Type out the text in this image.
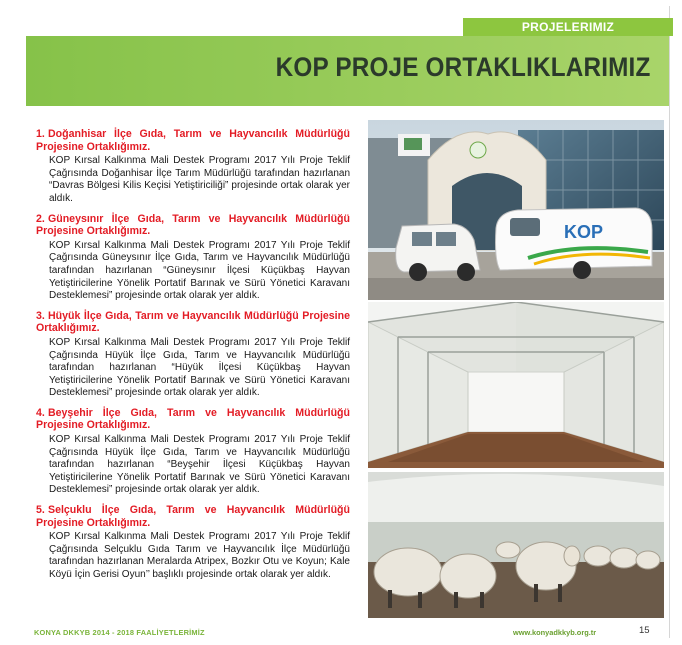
PROJELERIMIZ
KOP PROJE ORTAKLIKLARIMIZ
1. Doğanhisar İlçe Gıda, Tarım ve Hayvancılık Müdürlüğü Projesine Ortaklığımız.
KOP Kırsal Kalkınma Mali Destek Programı 2017 Yılı Proje Teklif Çağrısında Doğanhisar İlçe Tarım Müdürlüğü tarafından hazırlanan “Davras Bölgesi Kilis Keçisi Yetiştiriciliği” projesinde ortak olarak yer aldık.
2. Güneysınır İlçe Gıda, Tarım ve Hayvancılık Müdürlüğü Projesine Ortaklığımız.
KOP Kırsal Kalkınma Mali Destek Programı 2017 Yılı Proje Teklif Çağrısında Güneysınır İlçe Gıda, Tarım ve Hayvancılık Müdürlüğü tarafından hazırlanan “Güneysınır İlçesi Küçükbaş Hayvan Yetiştiricilerine Yönelik Portatif Barınak ve Sürü Yönetici Karavanı Desteklemesi” projesinde ortak olarak yer aldık.
3. Hüyük İlçe Gıda, Tarım ve Hayvancılık Müdürlüğü Projesine Ortaklığımız.
KOP Kırsal Kalkınma Mali Destek Programı 2017 Yılı Proje Teklif Çağrısında Hüyük İlçe Gıda, Tarım ve Hayvancılık Müdürlüğü tarafından hazırlanan “Hüyük İlçesi Küçükbaş Hayvan Yetiştiricilerine Yönelik Portatif Barınak ve Sürü Yönetici Karavanı Desteklemesi” projesinde ortak olarak yer aldık.
4. Beyşehir İlçe Gıda, Tarım ve Hayvancılık Müdürlüğü Projesine Ortaklığımız.
KOP Kırsal Kalkınma Mali Destek Programı 2017 Yılı Proje Teklif Çağrısında Hüyük İlçe Gıda, Tarım ve Hayvancılık Müdürlüğü tarafından hazırlanan “Beyşehir İlçesi Küçükbaş Hayvan Yetiştiricilerine Yönelik Portatif Barınak ve Sürü Yönetici Karavanı Desteklemesi” projesinde ortak olarak yer aldık.
5. Selçuklu İlçe Gıda, Tarım ve Hayvancılık Müdürlüğü Projesine Ortaklığımız.
KOP Kırsal Kalkınma Mali Destek Programı 2017 Yılı Proje Teklif Çağrısında Selçuklu Gıda Tarım ve Hayvancılık İlçe Müdürlüğü tarafından hazırlanan Meralarda Atripex, Bozkır Otu ve Koyun; Kale Köyü İçin Gerisi Oyun’’ başlıklı projesinde ortak olarak yer aldık.
KOP
KONYA DKKYB 2014 - 2018 FAALİYETLERİMİZ	www.konyadkkyb.org.tr	15
